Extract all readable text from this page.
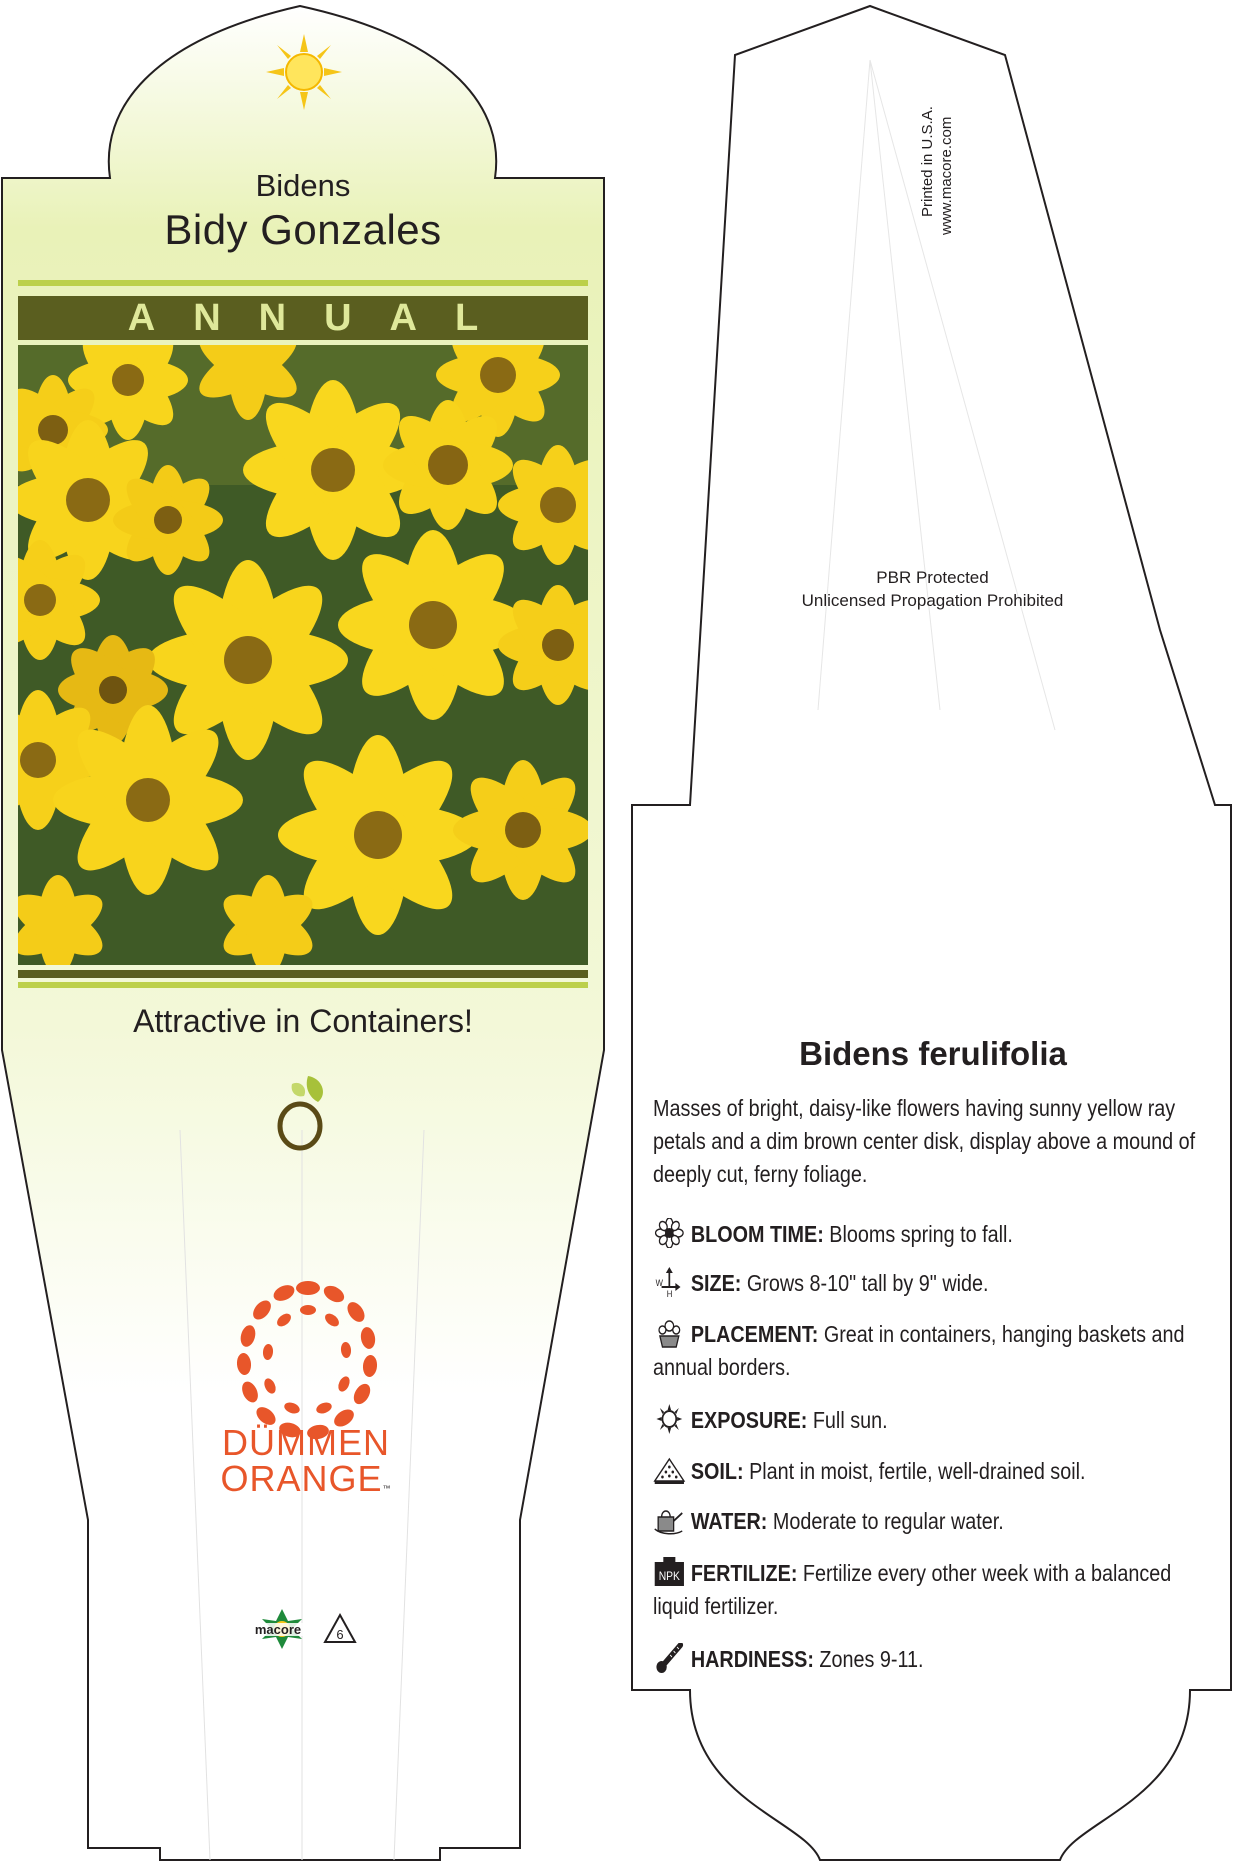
Bidens
Bidy Gonzales
ANNUAL
Attractive in Containers!
DÜMMEN
ORANGE™
macore	6
Printed in U.S.A. www.macore.com
PBR Protected
Unlicensed Propagation Prohibited
Bidens ferulifolia
Masses of bright, daisy-like flowers having sunny yellow ray petals and a dim brown center disk, display above a mound of deeply cut, ferny foliage.
BLOOM TIME: Blooms spring to fall.
W
H SIZE: Grows 8-10" tall by 9" wide.
PLACEMENT: Great in containers, hanging baskets and annual borders.
EXPOSURE: Full sun.
SOIL: Plant in moist, fertile, well-drained soil.
WATER: Moderate to regular water.
NPK FERTILIZE: Fertilize every other week with a balanced liquid fertilizer.
HARDINESS: Zones 9-11.
